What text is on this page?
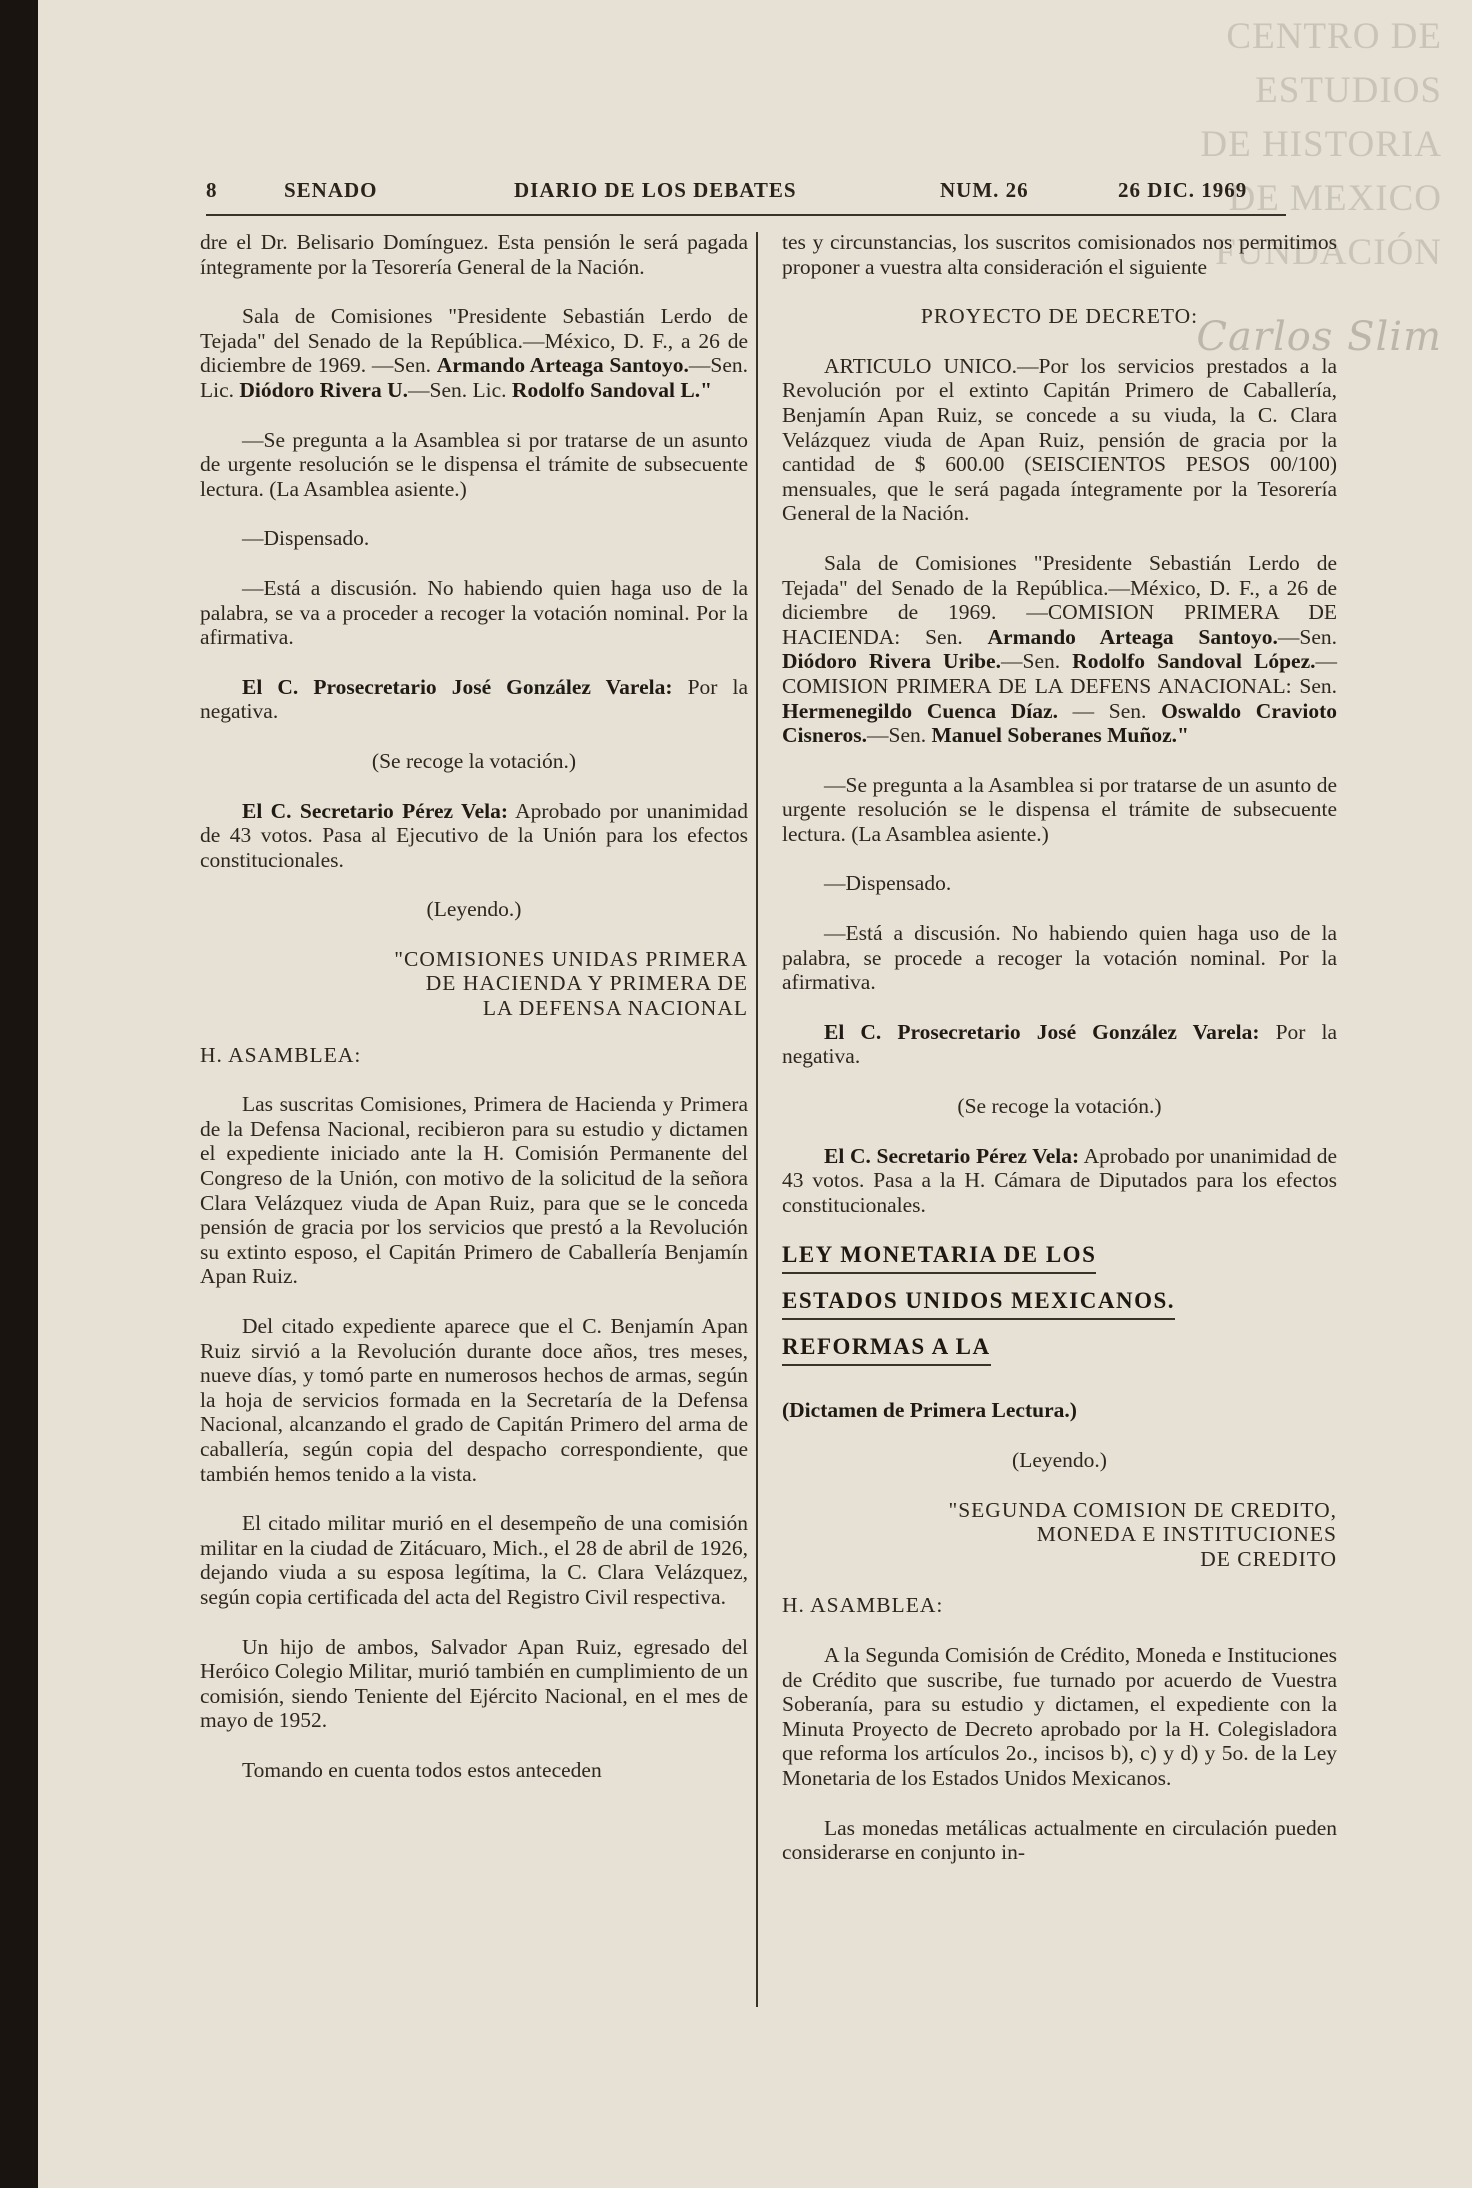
CENTRO DE
ESTUDIOS
DE HISTORIA
DE MEXICO
FUNDACIÓN
Carlos Slim
8	SENADO	DIARIO DE LOS DEBATES	NUM. 26	26 DIC. 1969

dre el Dr. Belisario Domínguez. Esta pensión le será pagada íntegramente por la Tesorería General de la Nación.

Sala de Comisiones "Presidente Sebastián Lerdo de Tejada" del Senado de la República.—México, D. F., a 26 de diciembre de 1969. —Sen. Armando Arteaga Santoyo.—Sen. Lic. Diódoro Rivera U.—Sen. Lic. Rodolfo Sandoval L."

—Se pregunta a la Asamblea si por tratarse de un asunto de urgente resolución se le dispensa el trámite de subsecuente lectura. (La Asamblea asiente.)

—Dispensado.

—Está a discusión. No habiendo quien haga uso de la palabra, se va a proceder a recoger la votación nominal. Por la afirmativa.

El C. Prosecretario José González Varela: Por la negativa.

(Se recoge la votación.)

El C. Secretario Pérez Vela: Aprobado por unanimidad de 43 votos. Pasa al Ejecutivo de la Unión para los efectos constitucionales.

(Leyendo.)

"COMISIONES UNIDAS PRIMERA
DE HACIENDA Y PRIMERA DE
LA DEFENSA NACIONAL

H. ASAMBLEA:

Las suscritas Comisiones, Primera de Hacienda y Primera de la Defensa Nacional, recibieron para su estudio y dictamen el expediente iniciado ante la H. Comisión Permanente del Congreso de la Unión, con motivo de la solicitud de la señora Clara Velázquez viuda de Apan Ruiz, para que se le conceda pensión de gracia por los servicios que prestó a la Revolución su extinto esposo, el Capitán Primero de Caballería Benjamín Apan Ruiz.

Del citado expediente aparece que el C. Benjamín Apan Ruiz sirvió a la Revolución durante doce años, tres meses, nueve días, y tomó parte en numerosos hechos de armas, según la hoja de servicios formada en la Secretaría de la Defensa Nacional, alcanzando el grado de Capitán Primero del arma de caballería, según copia del despacho correspondiente, que también hemos tenido a la vista.

El citado militar murió en el desempeño de una comisión militar en la ciudad de Zitácuaro, Mich., el 28 de abril de 1926, dejando viuda a su esposa legítima, la C. Clara Velázquez, según copia certificada del acta del Registro Civil respectiva.

Un hijo de ambos, Salvador Apan Ruiz, egresado del Heróico Colegio Militar, murió también en cumplimiento de un comisión, siendo Teniente del Ejército Nacional, en el mes de mayo de 1952.

Tomando en cuenta todos estos anteceden

tes y circunstancias, los suscritos comisionados nos permitimos proponer a vuestra alta consideración el siguiente

PROYECTO DE DECRETO:

ARTICULO UNICO.—Por los servicios prestados a la Revolución por el extinto Capitán Primero de Caballería, Benjamín Apan Ruiz, se concede a su viuda, la C. Clara Velázquez viuda de Apan Ruiz, pensión de gracia por la cantidad de $ 600.00 (SEISCIENTOS PESOS 00/100) mensuales, que le será pagada íntegramente por la Tesorería General de la Nación.

Sala de Comisiones "Presidente Sebastián Lerdo de Tejada" del Senado de la República.—México, D. F., a 26 de diciembre de 1969. —COMISION PRIMERA DE HACIENDA: Sen. Armando Arteaga Santoyo.—Sen. Diódoro Rivera Uribe.—Sen. Rodolfo Sandoval López.— COMISION PRIMERA DE LA DEFENS ANACIONAL: Sen. Hermenegildo Cuenca Díaz. — Sen. Oswaldo Cravioto Cisneros.—Sen. Manuel Soberanes Muñoz."

—Se pregunta a la Asamblea si por tratarse de un asunto de urgente resolución se le dispensa el trámite de subsecuente lectura. (La Asamblea asiente.)

—Dispensado.

—Está a discusión. No habiendo quien haga uso de la palabra, se procede a recoger la votación nominal. Por la afirmativa.

El C. Prosecretario José González Varela: Por la negativa.

(Se recoge la votación.)

El C. Secretario Pérez Vela: Aprobado por unanimidad de 43 votos. Pasa a la H. Cámara de Diputados para los efectos constitucionales.

LEY MONETARIA DE LOS
ESTADOS UNIDOS MEXICANOS.
REFORMAS A LA

(Dictamen de Primera Lectura.)

(Leyendo.)

"SEGUNDA COMISION DE CREDITO,
MONEDA E INSTITUCIONES
DE CREDITO

H. ASAMBLEA:

A la Segunda Comisión de Crédito, Moneda e Instituciones de Crédito que suscribe, fue turnado por acuerdo de Vuestra Soberanía, para su estudio y dictamen, el expediente con la Minuta Proyecto de Decreto aprobado por la H. Colegisladora que reforma los artículos 2o., incisos b), c) y d) y 5o. de la Ley Monetaria de los Estados Unidos Mexicanos.

Las monedas metálicas actualmente en circulación pueden considerarse en conjunto in-
